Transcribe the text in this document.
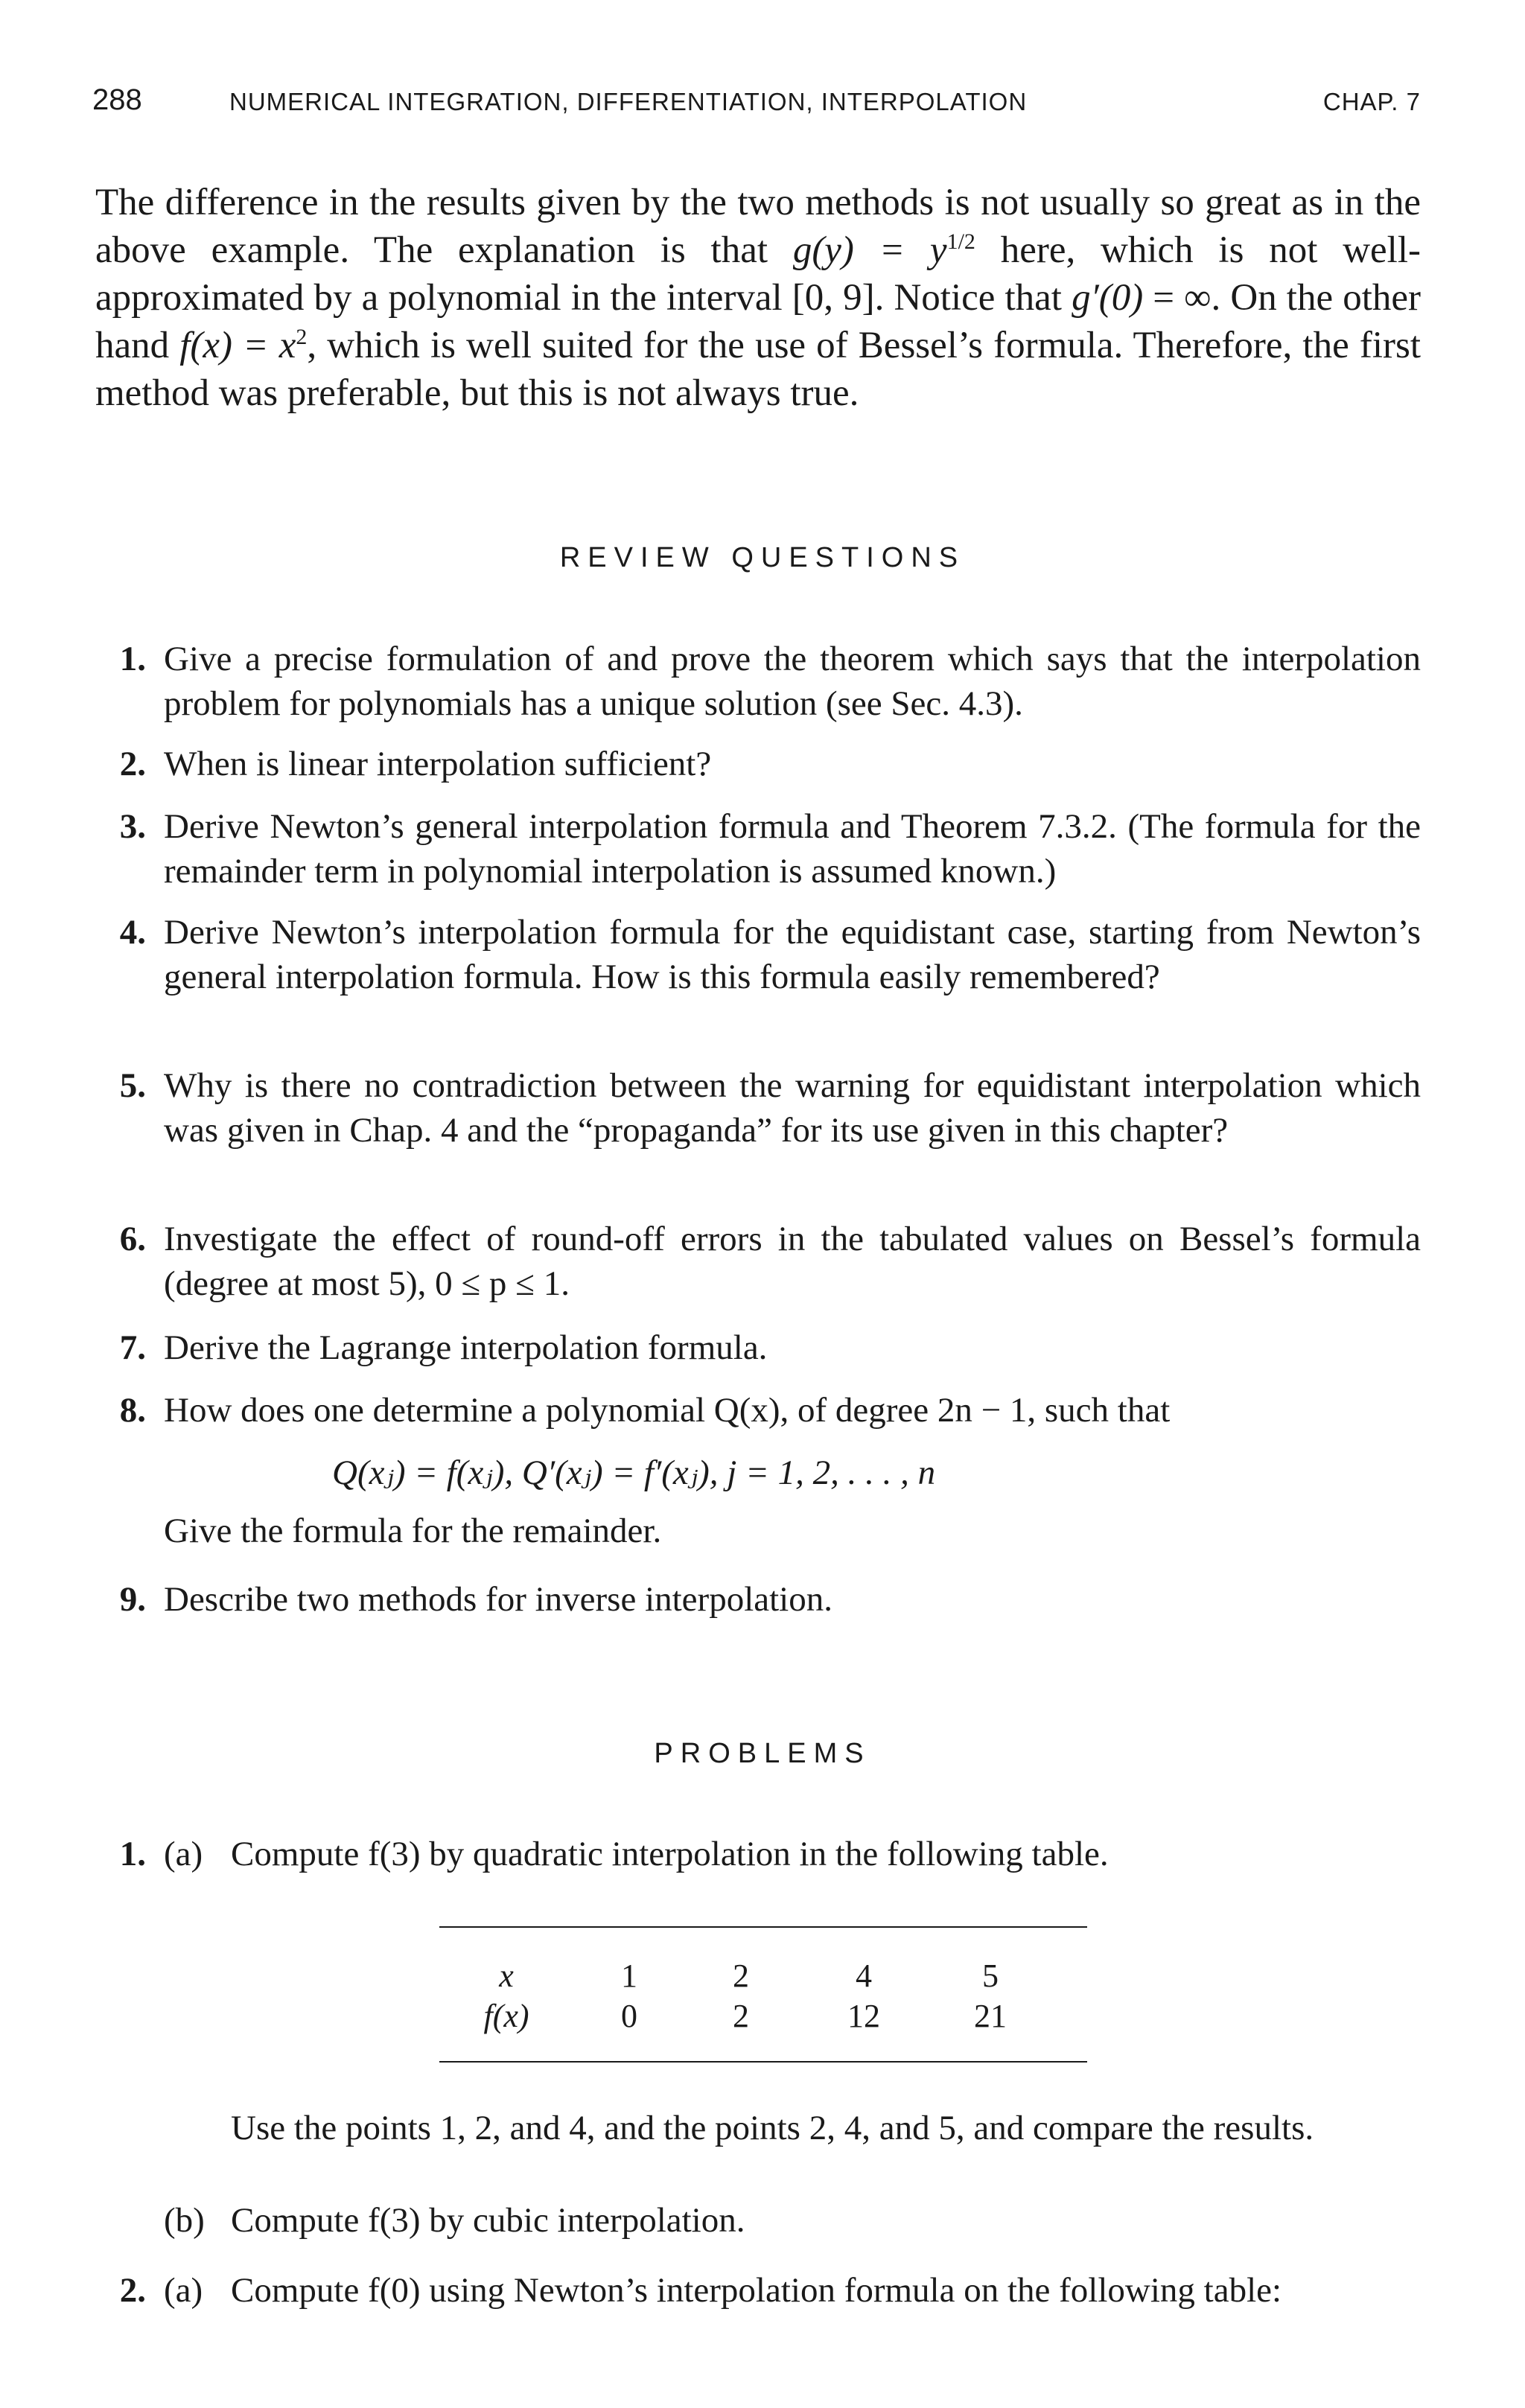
288	NUMERICAL INTEGRATION, DIFFERENTIATION, INTERPOLATION	CHAP. 7
The difference in the results given by the two methods is not usually so great as in the above example. The explanation is that $g(y) = y^{1/2}$ here, which is not well-approximated by a polynomial in the interval [0, 9]. Notice that g′(0) = ∞. On the other hand $f(x) = x^2$, which is well suited for the use of Bessel’s formula. Therefore, the first method was preferable, but this is not always true.
REVIEW QUESTIONS
1. Give a precise formulation of and prove the theorem which says that the interpolation problem for polynomials has a unique solution (see Sec. 4.3).
2. When is linear interpolation sufficient?
3. Derive Newton’s general interpolation formula and Theorem 7.3.2. (The formula for the remainder term in polynomial interpolation is assumed known.)
4. Derive Newton’s interpolation formula for the equidistant case, starting from Newton’s general interpolation formula. How is this formula easily remembered?
5. Why is there no contradiction between the warning for equidistant interpolation which was given in Chap. 4 and the “propaganda” for its use given in this chapter?
6. Investigate the effect of round-off errors in the tabulated values on Bessel’s formula (degree at most 5), 0 ≤ p ≤ 1.
7. Derive the Lagrange interpolation formula.
8. How does one determine a polynomial Q(x), of degree 2n − 1, such that
Q(xⱼ) = f(xⱼ), Q′(xⱼ) = f′(xⱼ), j = 1, 2, . . . , n
Give the formula for the remainder.
9. Describe two methods for inverse interpolation.
PROBLEMS
1. (a) Compute f(3) by quadratic interpolation in the following table.
x	1	2	4	5
f(x)	0	2	12	21
Use the points 1, 2, and 4, and the points 2, 4, and 5, and compare the results.
(b) Compute f(3) by cubic interpolation.
2. (a) Compute f(0) using Newton’s interpolation formula on the following table:
